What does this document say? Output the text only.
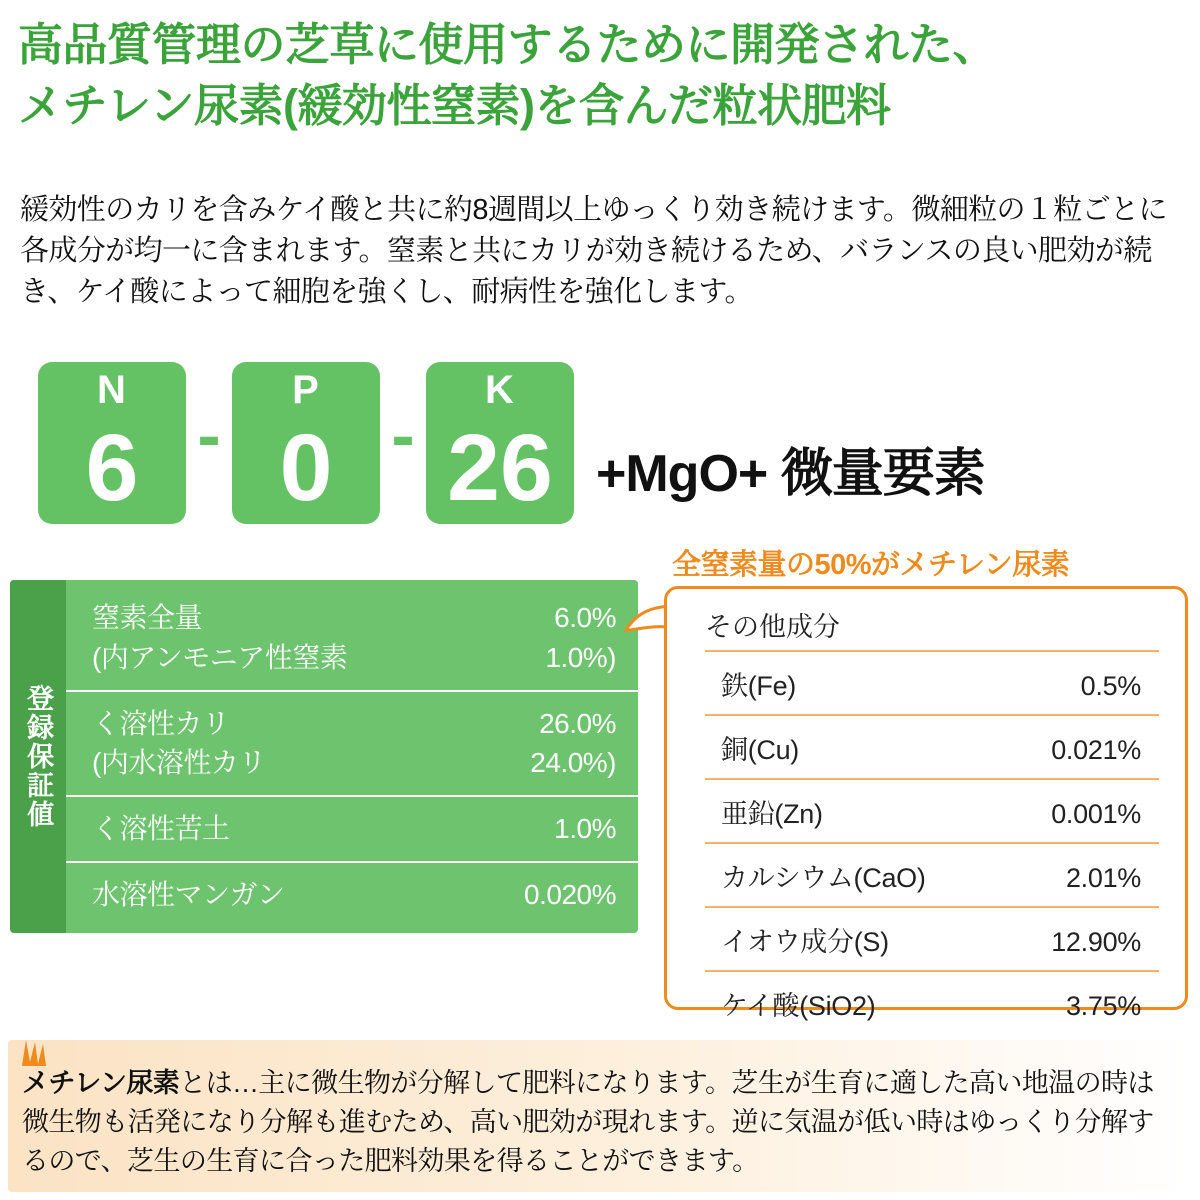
高品質管理の芝草に使用するために開発された、
メチレン尿素(緩効性窒素)を含んだ粒状肥料
緩効性のカリを含みケイ酸と共に約8週間以上ゆっくり効き続けます。微細粒の１粒ごとに各成分が均一に含まれます。窒素と共にカリが効き続けるため、バランスの良い肥効が続き、ケイ酸によって細胞を強くし、耐病性を強化します。
N
6 -
P
0 -
K
26 +MgO+ 微量要素
全窒素量の50%がメチレン尿素
登録保証値
窒素全量	6.0%
(内アンモニア性窒素	1.0%)
く溶性カリ	26.0%
(内水溶性カリ	24.0%)
く溶性苦土	1.0%
水溶性マンガン	0.020%
その他成分
鉄(Fe)	0.5%
銅(Cu)	0.021%
亜鉛(Zn)	0.001%
カルシウム(CaO)	2.01%
イオウ成分(S)	12.90%
ケイ酸(SiO2)	3.75%
メチレン尿素とは…主に微生物が分解して肥料になります。芝生が生育に適した高い地温の時は微生物も活発になり分解も進むため、高い肥効が現れます。逆に気温が低い時はゆっくり分解するので、芝生の生育に合った肥料効果を得ることができます。
